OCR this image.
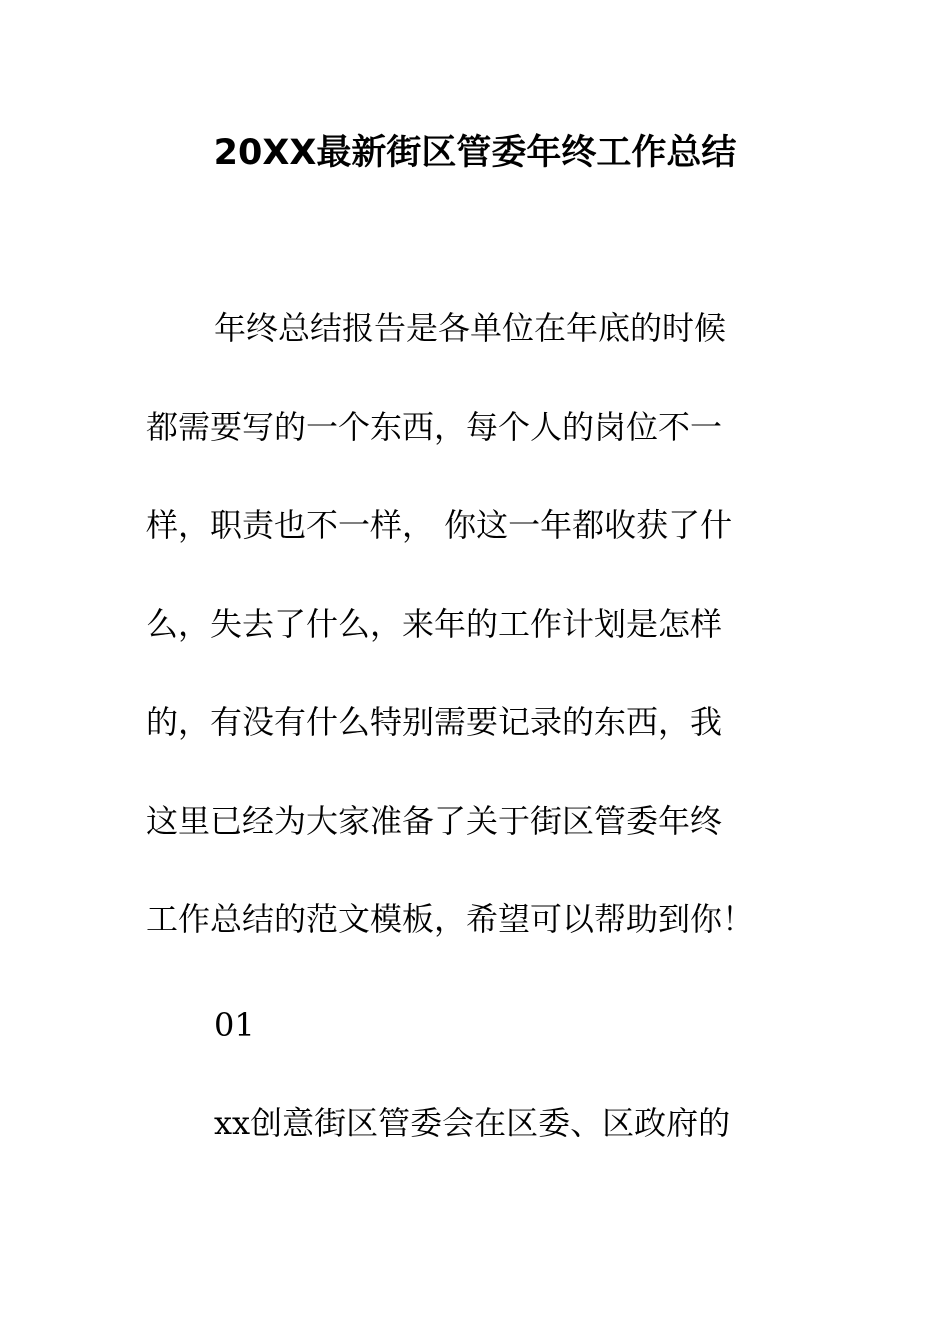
20XX最新街区管委年终工作总结
年终总结报告是各单位在年底的时候
都需要写的一个东西，每个人的岗位不一
样，职责也不一样， 你这一年都收获了什
么，失去了什么，来年的工作计划是怎样
的，有没有什么特别需要记录的东西，我
这里已经为大家准备了关于街区管委年终
工作总结的范文模板，希望可以帮助到你！
01
xx创意街区管委会在区委、区政府的
